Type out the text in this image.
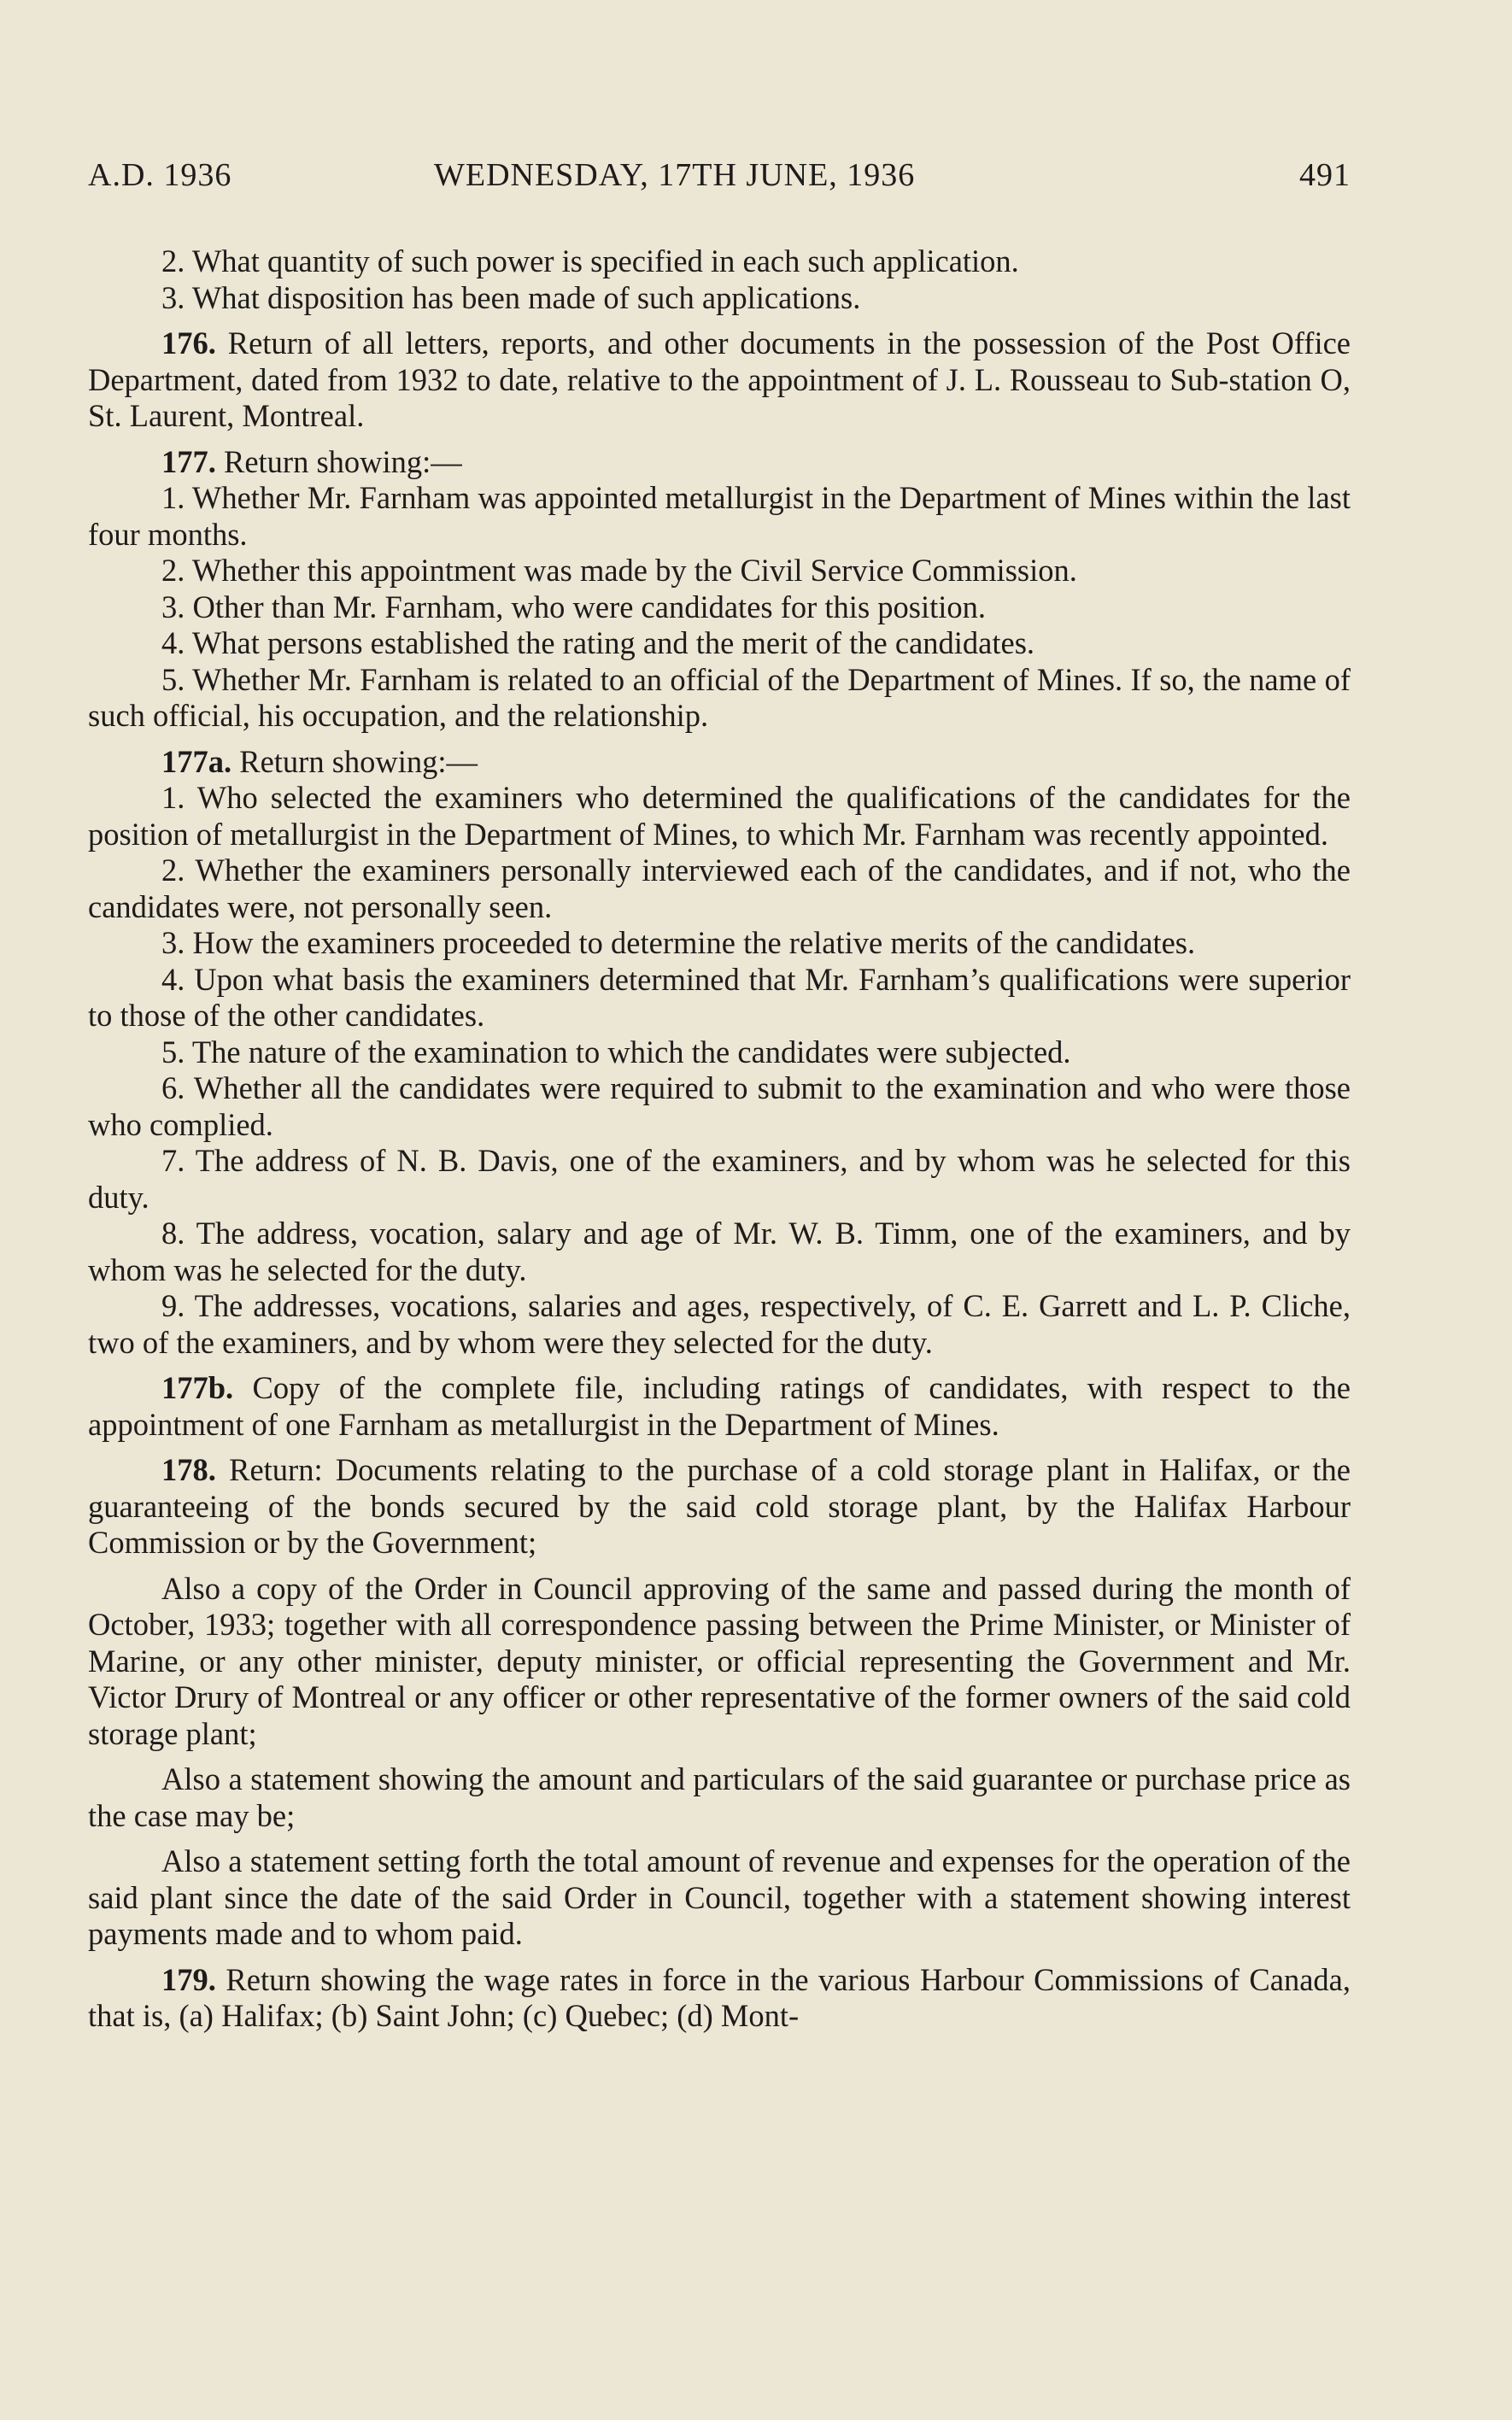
A.D. 1936	WEDNESDAY, 17TH JUNE, 1936	491

2. What quantity of such power is specified in each such application.

3. What disposition has been made of such applications.

176. Return of all letters, reports, and other documents in the possession of the Post Office Department, dated from 1932 to date, relative to the appointment of J. L. Rousseau to Sub-station O, St. Laurent, Montreal.

177. Return showing:—

1. Whether Mr. Farnham was appointed metallurgist in the Department of Mines within the last four months.

2. Whether this appointment was made by the Civil Service Commission.

3. Other than Mr. Farnham, who were candidates for this position.

4. What persons established the rating and the merit of the candidates.

5. Whether Mr. Farnham is related to an official of the Department of Mines. If so, the name of such official, his occupation, and the relationship.

177a. Return showing:—

1. Who selected the examiners who determined the qualifications of the candidates for the position of metallurgist in the Department of Mines, to which Mr. Farnham was recently appointed.

2. Whether the examiners personally interviewed each of the candidates, and if not, who the candidates were, not personally seen.

3. How the examiners proceeded to determine the relative merits of the candidates.

4. Upon what basis the examiners determined that Mr. Farnham’s qualifications were superior to those of the other candidates.

5. The nature of the examination to which the candidates were subjected.

6. Whether all the candidates were required to submit to the examination and who were those who complied.

7. The address of N. B. Davis, one of the examiners, and by whom was he selected for this duty.

8. The address, vocation, salary and age of Mr. W. B. Timm, one of the examiners, and by whom was he selected for the duty.

9. The addresses, vocations, salaries and ages, respectively, of C. E. Garrett and L. P. Cliche, two of the examiners, and by whom were they selected for the duty.

177b. Copy of the complete file, including ratings of candidates, with respect to the appointment of one Farnham as metallurgist in the Department of Mines.

178. Return: Documents relating to the purchase of a cold storage plant in Halifax, or the guaranteeing of the bonds secured by the said cold storage plant, by the Halifax Harbour Commission or by the Government;

Also a copy of the Order in Council approving of the same and passed during the month of October, 1933; together with all correspondence passing between the Prime Minister, or Minister of Marine, or any other minister, deputy minister, or official representing the Government and Mr. Victor Drury of Montreal or any officer or other representative of the former owners of the said cold storage plant;

Also a statement showing the amount and particulars of the said guarantee or purchase price as the case may be;

Also a statement setting forth the total amount of revenue and expenses for the operation of the said plant since the date of the said Order in Council, together with a statement showing interest payments made and to whom paid.

179. Return showing the wage rates in force in the various Harbour Commissions of Canada, that is, (a) Halifax; (b) Saint John; (c) Quebec; (d) Mont-
